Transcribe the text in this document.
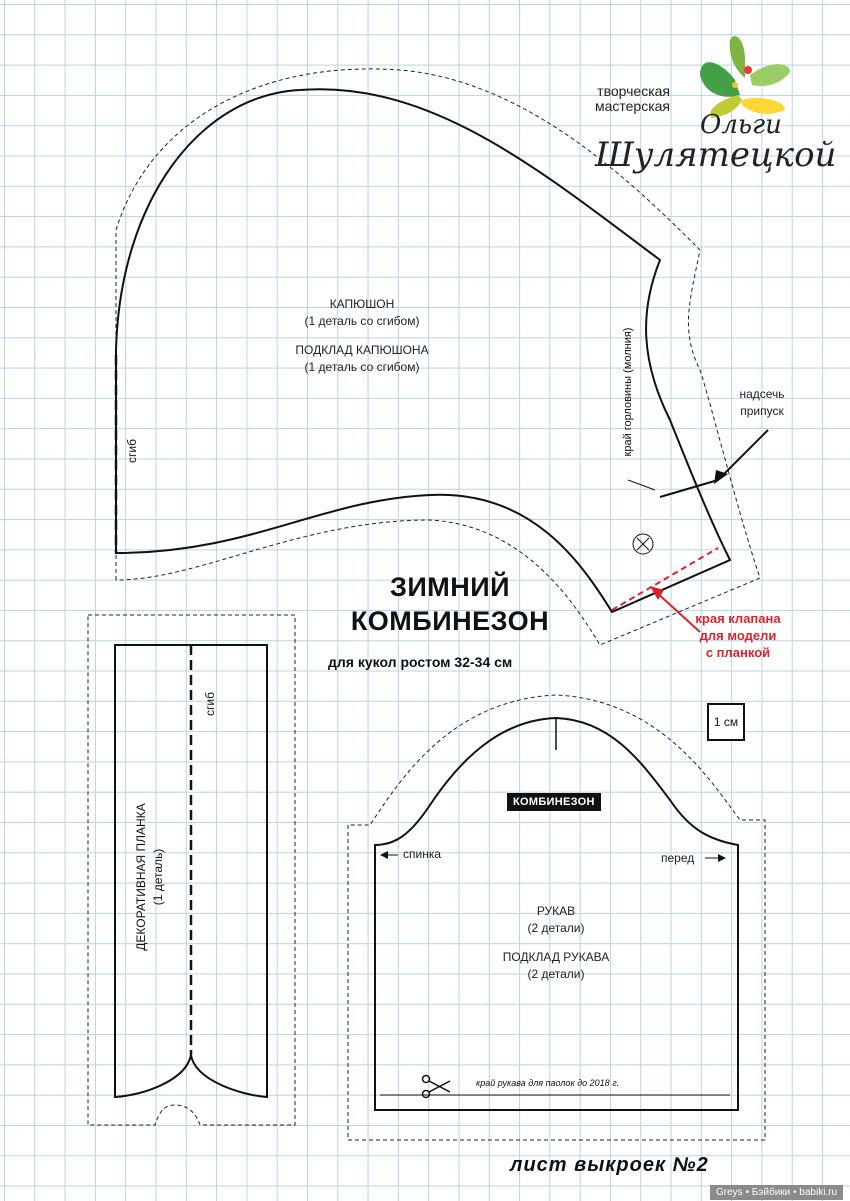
творческая
мастерская
Ольги
Шулятецкой
КАПЮШОН
(1 деталь со сгибом)
ПОДКЛАД КАПЮШОНА
(1 деталь со сгибом)
сгиб	край горловины (молния)	надсечь
припуск
края клапана
для модели
с планкой
ЗИМНИЙ
КОМБИНЕЗОН
для кукол ростом 32-34 см
1 см
сгиб
ДЕКОРАТИВНАЯ ПЛАНКА (1 деталь)
КОМБИНЕЗОН
спинка	перед
РУКАВ
(2 детали)
ПОДКЛАД РУКАВА
(2 детали)
край рукава для паолок до 2018 г.
лист выкроек №2
Greys • Бэйбики • babiki.ru
